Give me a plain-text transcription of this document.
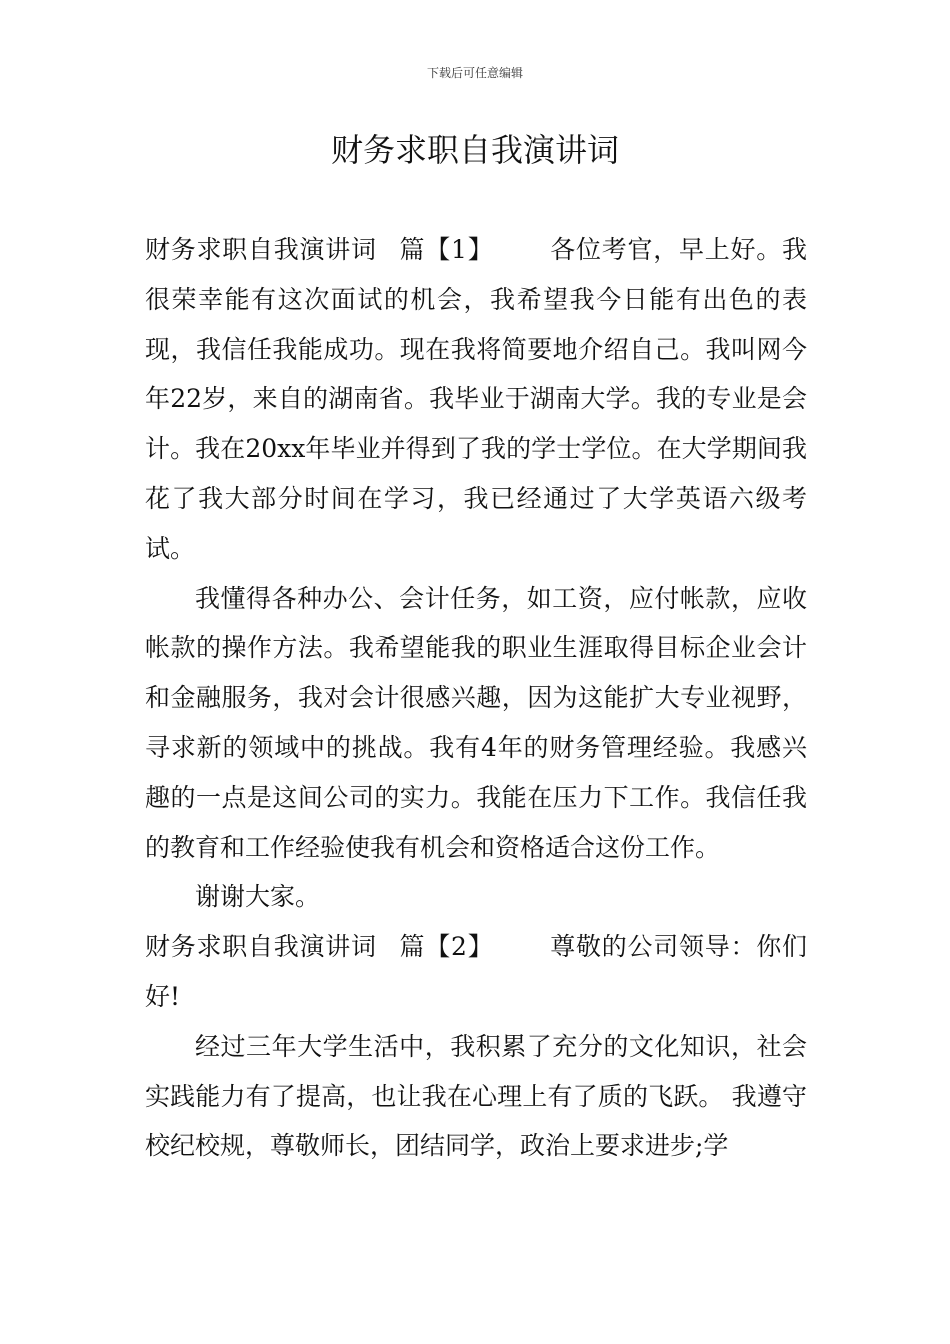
下载后可任意编辑
财务求职自我演讲词

财务求职自我演讲词 篇【1】 各位考官，早上好。我很荣幸能有这次面试的机会，我希望我今日能有出色的表现，我信任我能成功。现在我将简要地介绍自己。我叫网今年22岁，来自的湖南省。我毕业于湖南大学。我的专业是会计。我在20xx年毕业并得到了我的学士学位。在大学期间我花了我大部分时间在学习，我已经通过了大学英语六级考试。

我懂得各种办公、会计任务，如工资，应付帐款，应收帐款的操作方法。我希望能我的职业生涯取得目标企业会计和金融服务，我对会计很感兴趣，因为这能扩大专业视野，寻求新的领域中的挑战。我有4年的财务管理经验。我感兴趣的一点是这间公司的实力。我能在压力下工作。我信任我的教育和工作经验使我有机会和资格适合这份工作。

谢谢大家。

财务求职自我演讲词 篇【2】 尊敬的公司领导：你们好!

经过三年大学生活中，我积累了充分的文化知识，社会实践能力有了提高，也让我在心理上有了质的飞跃。 我遵守校纪校规，尊敬师长，团结同学，政治上要求进步;学
